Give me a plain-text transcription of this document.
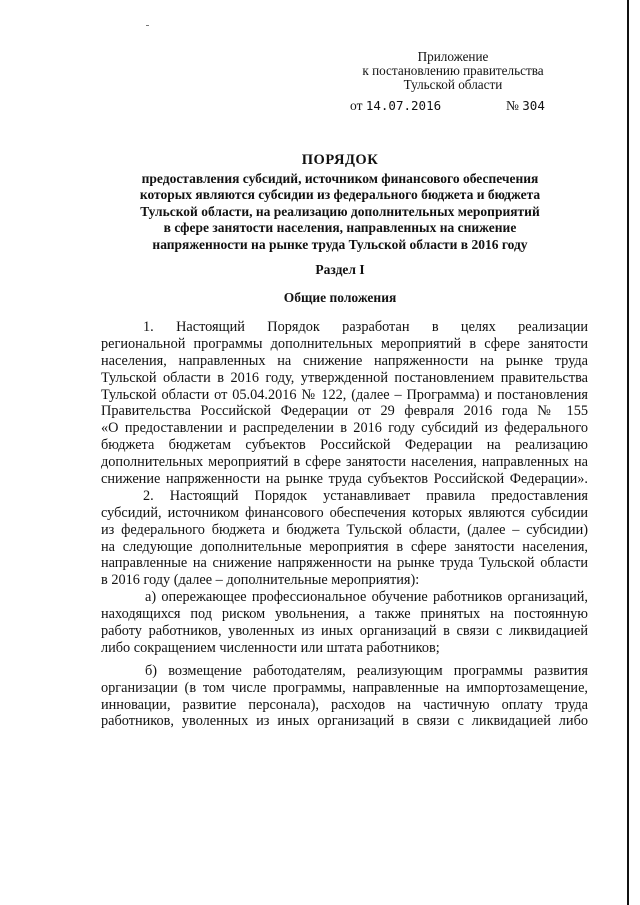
Приложение
к постановлению правительства
Тульской области
от 14.07.2016	№ 304
ПОРЯДОК
предоставления субсидий, источником финансового обеспечения
которых являются субсидии из федерального бюджета и бюджета
Тульской области, на реализацию дополнительных мероприятий
в сфере занятости населения, направленных на снижение
напряженности на рынке труда Тульской области в 2016 году
Раздел I
Общие положения
1. Настоящий Порядок разработан в целях реализации
региональной программы дополнительных мероприятий в сфере занятости
населения, направленных на снижение напряженности на рынке труда
Тульской области в 2016 году, утвержденной постановлением правительства
Тульской области от 05.04.2016 № 122, (далее – Программа) и постановления
Правительства Российской Федерации от 29 февраля 2016 года № 155
«О предоставлении и распределении в 2016 году субсидий из федерального
бюджета бюджетам субъектов Российской Федерации на реализацию
дополнительных мероприятий в сфере занятости населения, направленных на
снижение напряженности на рынке труда субъектов Российской Федерации».
2. Настоящий Порядок устанавливает правила предоставления
субсидий, источником финансового обеспечения которых являются субсидии
из федерального бюджета и бюджета Тульской области, (далее – субсидии)
на следующие дополнительные мероприятия в сфере занятости населения,
направленные на снижение напряженности на рынке труда Тульской области
в 2016 году (далее – дополнительные мероприятия):
а) опережающее профессиональное обучение работников организаций,
находящихся под риском увольнения, а также принятых на постоянную
работу работников, уволенных из иных организаций в связи с ликвидацией
либо сокращением численности или штата работников;
б) возмещение работодателям, реализующим программы развития
организации (в том числе программы, направленные на импортозамещение,
инновации, развитие персонала), расходов на частичную оплату труда
работников, уволенных из иных организаций в связи с ликвидацией либо
